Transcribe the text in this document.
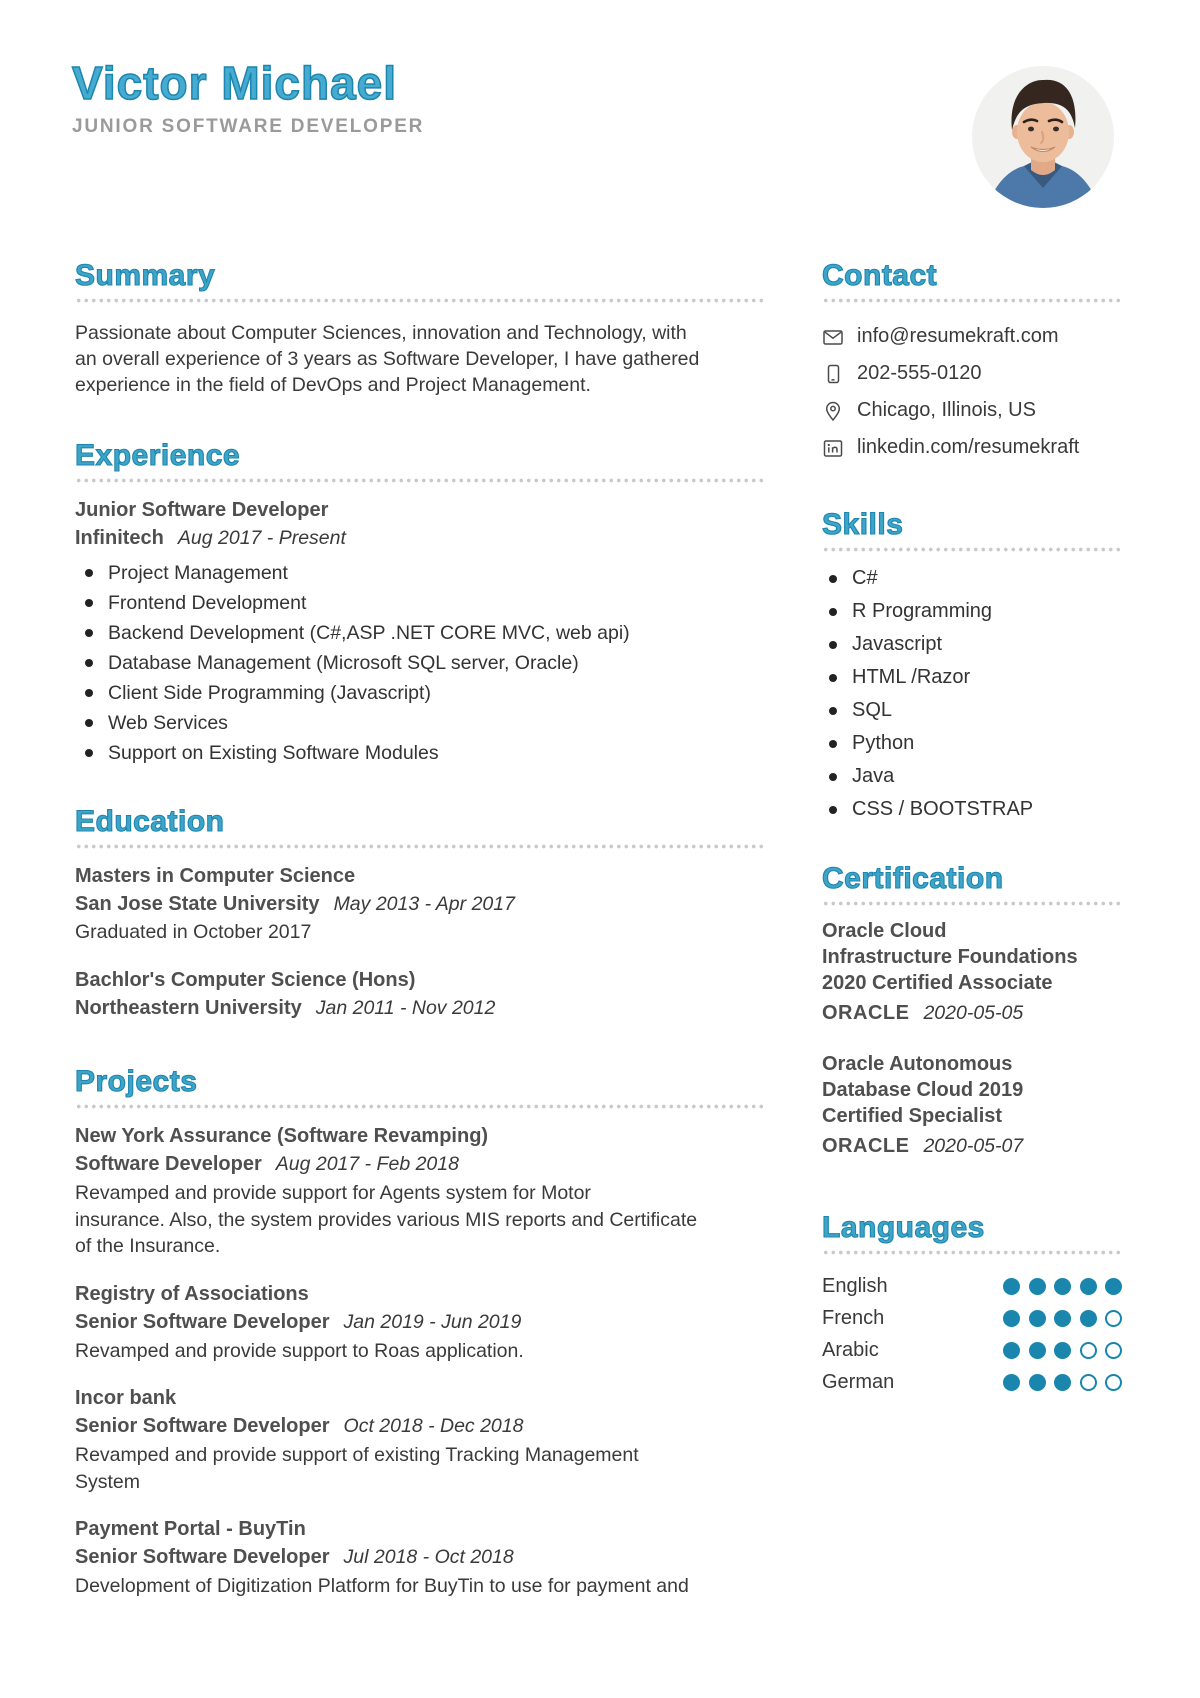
Victor Michael
JUNIOR SOFTWARE DEVELOPER
Summary
Passionate about Computer Sciences, innovation and Technology, with
an overall experience of 3 years as Software Developer, I have gathered
experience in the field of DevOps and Project Management.
Experience
Junior Software Developer
Infinitech Aug 2017 - Present
Project Management
Frontend Development
Backend Development (C#,ASP .NET CORE MVC, web api)
Database Management (Microsoft SQL server, Oracle)
Client Side Programming (Javascript)
Web Services
Support on Existing Software Modules
Education
Masters in Computer Science
San Jose State University May 2013 - Apr 2017
Graduated in October 2017
Bachlor's Computer Science (Hons)
Northeastern University Jan 2011 - Nov 2012
Projects
New York Assurance (Software Revamping)
Software Developer Aug 2017 - Feb 2018
Revamped and provide support for Agents system for Motor
insurance. Also, the system provides various MIS reports and Certificate
of the Insurance.
Registry of Associations
Senior Software Developer Jan 2019 - Jun 2019
Revamped and provide support to Roas application.
Incor bank
Senior Software Developer Oct 2018 - Dec 2018
Revamped and provide support of existing Tracking Management
System
Payment Portal - BuyTin
Senior Software Developer Jul 2018 - Oct 2018
Development of Digitization Platform for BuyTin to use for payment and
Contact
info@resumekraft.com
202-555-0120
Chicago, Illinois, US
linkedin.com/resumekraft
Skills
C#
R Programming
Javascript
HTML /Razor
SQL
Python
Java
CSS / BOOTSTRAP
Certification
Oracle Cloud
Infrastructure Foundations
2020 Certified Associate
ORACLE 2020-05-05
Oracle Autonomous
Database Cloud 2019
Certified Specialist
ORACLE 2020-05-07
Languages
English
French
Arabic
German
